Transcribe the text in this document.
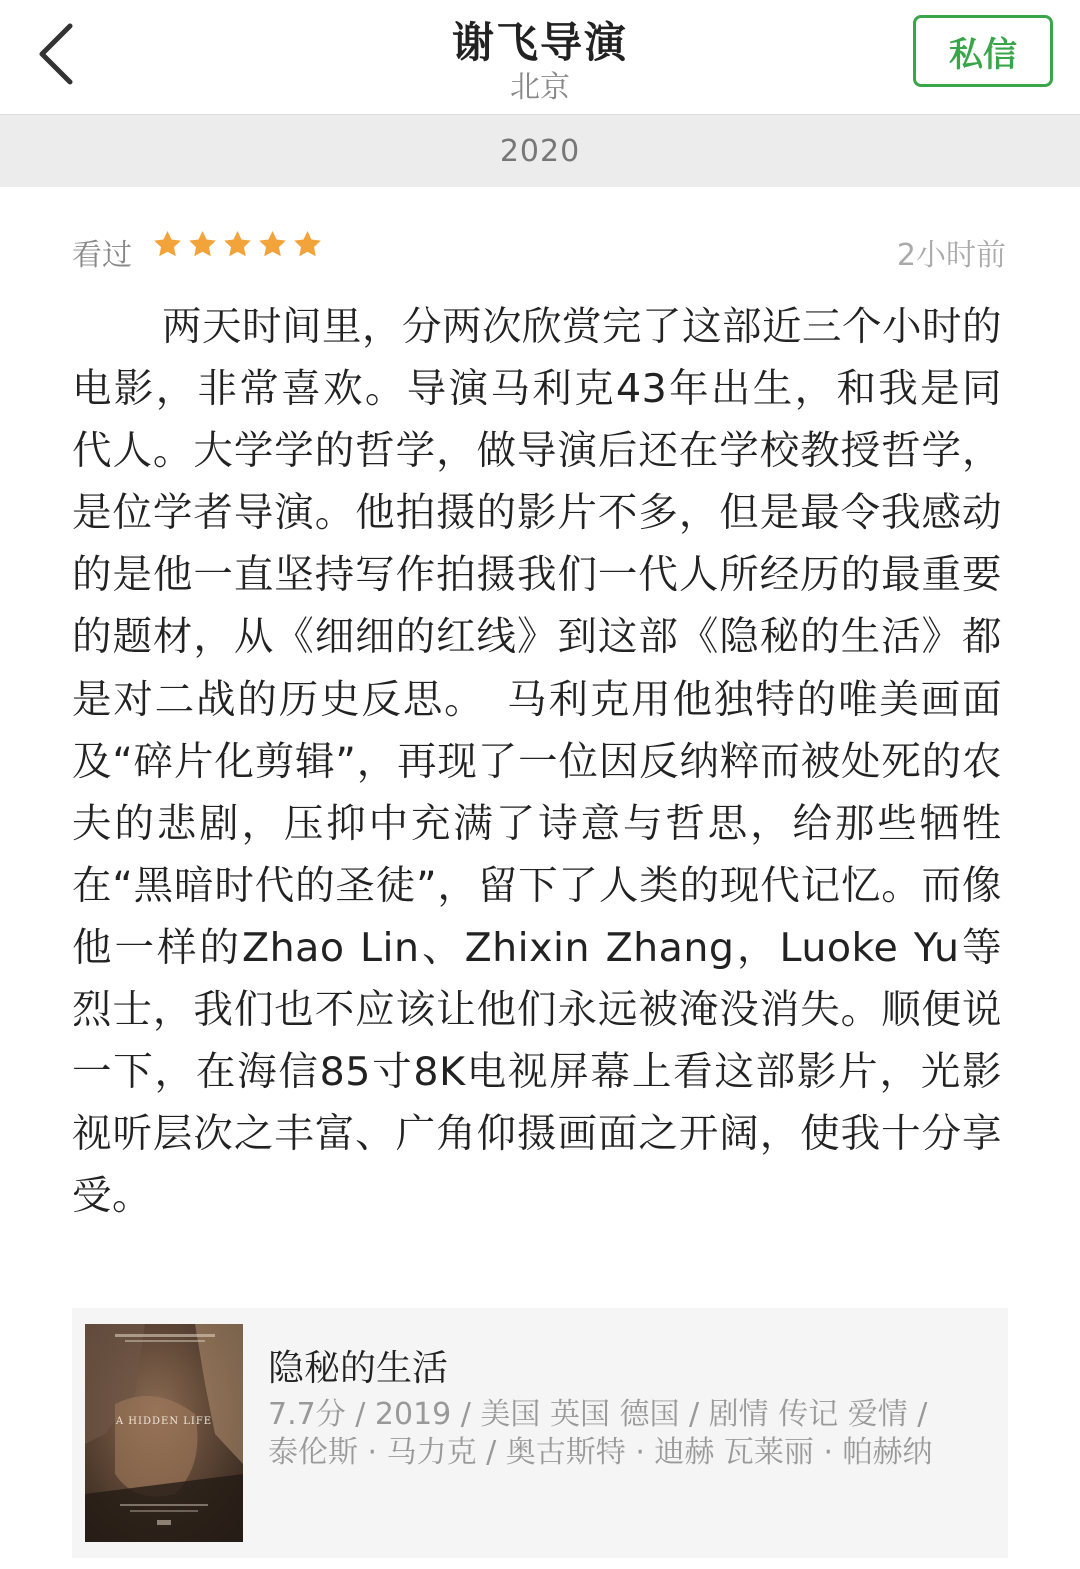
谢飞导演
北京
私信
2020
看过	2小时前

两天时间里，分两次欣赏完了这部近三个小时的电影，非常喜欢。导演马利克43年出生，和我是同代人。大学学的哲学，做导演后还在学校教授哲学，是位学者导演。他拍摄的影片不多，但是最令我感动的是他一直坚持写作拍摄我们一代人所经历的最重要的题材，从《细细的红线》到这部《隐秘的生活》都是对二战的历史反思。　马利克用他独特的唯美画面及“碎片化剪辑”，再现了一位因反纳粹而被处死的农夫的悲剧，压抑中充满了诗意与哲思，给那些牺牲在“黑暗时代的圣徒”，留下了人类的现代记忆。而像他一样的Zhao Lin、Zhixin Zhang，Luoke Yu等烈士，我们也不应该让他们永远被淹没消失。顺便说一下，在海信85寸8K电视屏幕上看这部影片，光影视听层次之丰富、广角仰摄画面之开阔，使我十分享受。

A HIDDEN LIFE
隐秘的生活
7.7分 / 2019 / 美国 英国 德国 / 剧情 传记 爱情 /
泰伦斯 · 马力克 / 奥古斯特 · 迪赫 瓦莱丽 · 帕赫纳
